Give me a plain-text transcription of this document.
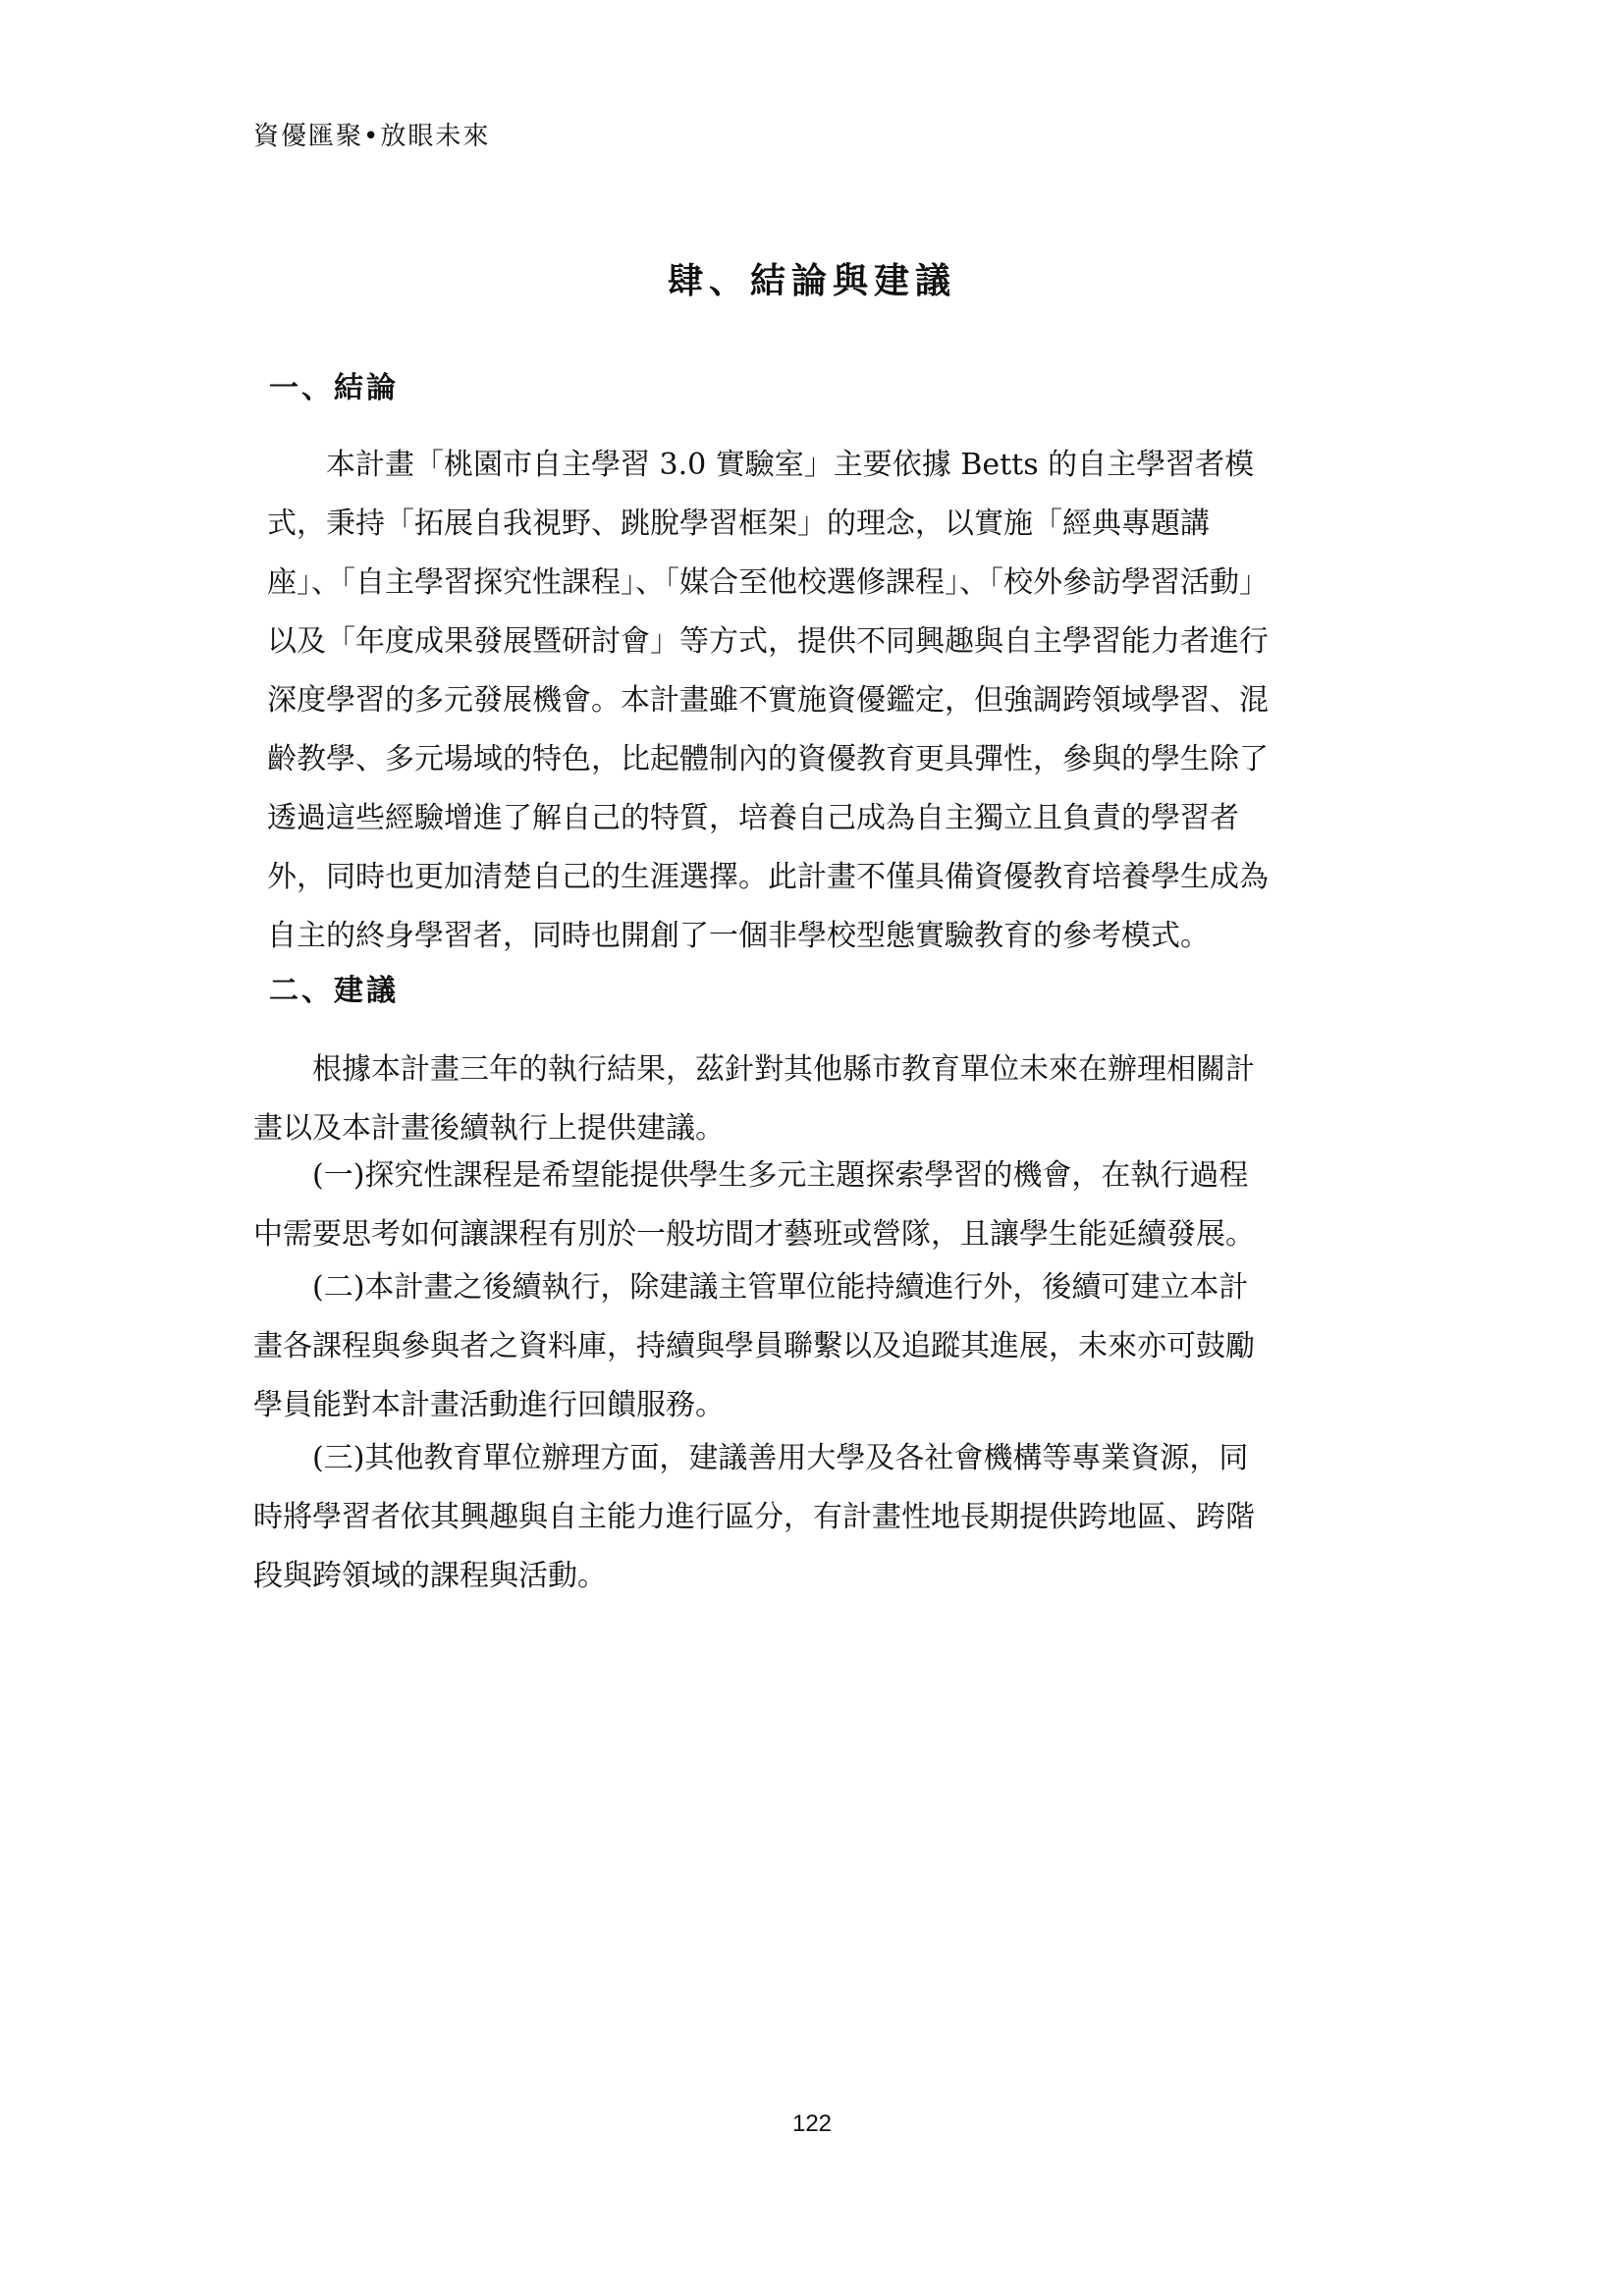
資優匯聚•放眼未來
肆、結論與建議
一、結論
　　本計畫「桃園市自主學習 3.0 實驗室」主要依據 Betts 的自主學習者模
式，秉持「拓展自我視野、跳脫學習框架」的理念，以實施「經典專題講
座」、「自主學習探究性課程」、「媒合至他校選修課程」、「校外參訪學習活動」
以及「年度成果發展暨研討會」等方式，提供不同興趣與自主學習能力者進行
深度學習的多元發展機會。本計畫雖不實施資優鑑定，但強調跨領域學習、混
齡教學、多元場域的特色，比起體制內的資優教育更具彈性，參與的學生除了
透過這些經驗增進了解自己的特質，培養自己成為自主獨立且負責的學習者
外，同時也更加清楚自己的生涯選擇。此計畫不僅具備資優教育培養學生成為
自主的終身學習者，同時也開創了一個非學校型態實驗教育的參考模式。
二、建議
　　根據本計畫三年的執行結果，茲針對其他縣市教育單位未來在辦理相關計
畫以及本計畫後續執行上提供建議。
　　(一)探究性課程是希望能提供學生多元主題探索學習的機會，在執行過程
中需要思考如何讓課程有別於一般坊間才藝班或營隊，且讓學生能延續發展。
　　(二)本計畫之後續執行，除建議主管單位能持續進行外，後續可建立本計
畫各課程與參與者之資料庫，持續與學員聯繫以及追蹤其進展，未來亦可鼓勵
學員能對本計畫活動進行回饋服務。
　　(三)其他教育單位辦理方面，建議善用大學及各社會機構等專業資源，同
時將學習者依其興趣與自主能力進行區分，有計畫性地長期提供跨地區、跨階
段與跨領域的課程與活動。
122
